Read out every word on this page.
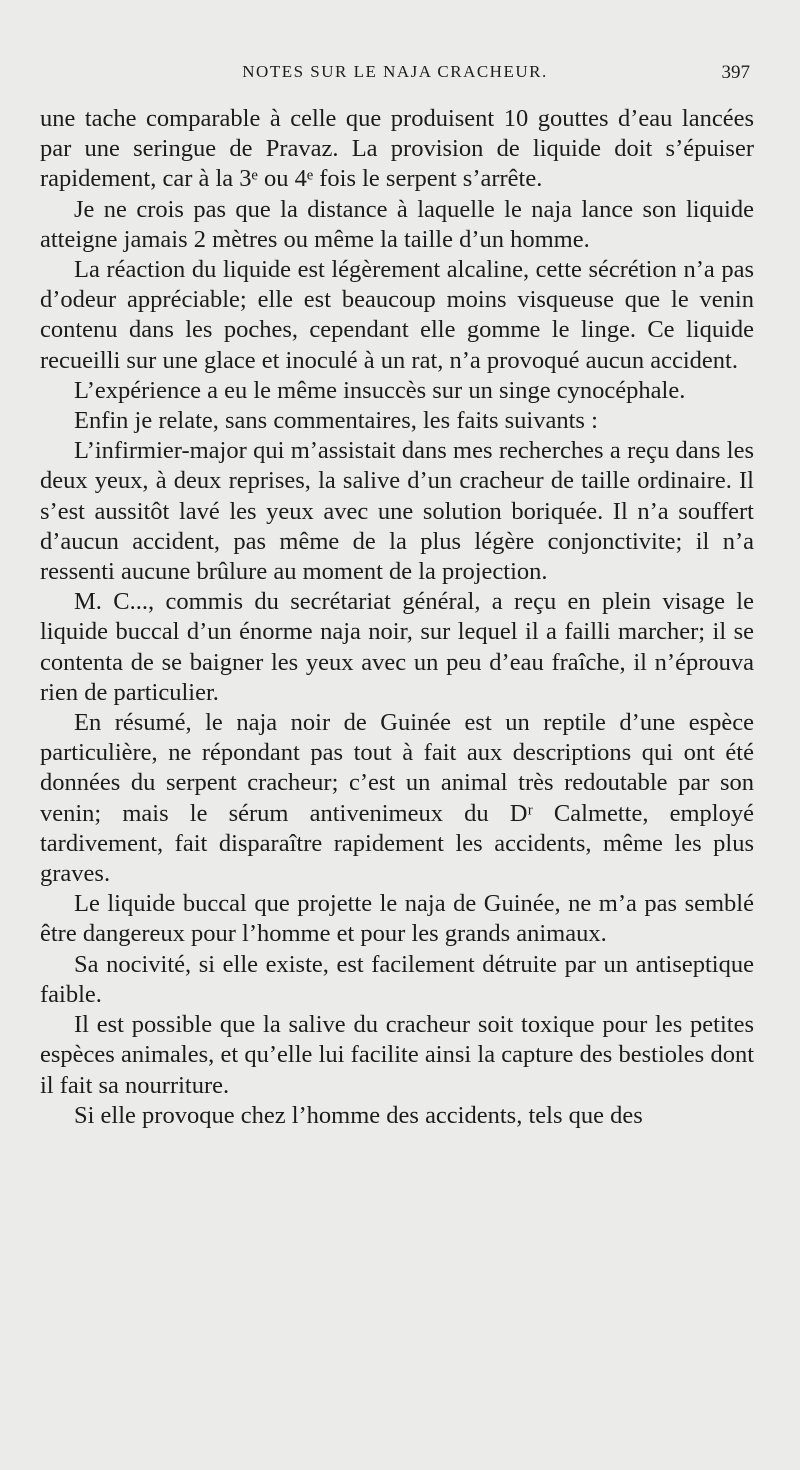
NOTES SUR LE NAJA CRACHEUR.	397

une tache comparable à celle que produisent 10 gouttes d’eau lancées par une seringue de Pravaz. La provision de liquide doit s’épuiser rapidement, car à la 3ᵉ ou 4ᵉ fois le serpent s’arrête.

Je ne crois pas que la distance à laquelle le naja lance son liquide atteigne jamais 2 mètres ou même la taille d’un homme.

La réaction du liquide est légèrement alcaline, cette sécrétion n’a pas d’odeur appréciable; elle est beaucoup moins visqueuse que le venin contenu dans les poches, cependant elle gomme le linge. Ce liquide recueilli sur une glace et inoculé à un rat, n’a provoqué aucun accident.

L’expérience a eu le même insuccès sur un singe cynocéphale.

Enfin je relate, sans commentaires, les faits suivants :

L’infirmier-major qui m’assistait dans mes recherches a reçu dans les deux yeux, à deux reprises, la salive d’un cracheur de taille ordinaire. Il s’est aussitôt lavé les yeux avec une solution boriquée. Il n’a souffert d’aucun accident, pas même de la plus légère conjonctivite; il n’a ressenti aucune brûlure au moment de la projection.

M. C..., commis du secrétariat général, a reçu en plein visage le liquide buccal d’un énorme naja noir, sur lequel il a failli marcher; il se contenta de se baigner les yeux avec un peu d’eau fraîche, il n’éprouva rien de particulier.

En résumé, le naja noir de Guinée est un reptile d’une espèce particulière, ne répondant pas tout à fait aux descriptions qui ont été données du serpent cracheur; c’est un animal très redoutable par son venin; mais le sérum antivenimeux du Dʳ Calmette, employé tardivement, fait disparaître rapidement les accidents, même les plus graves.

Le liquide buccal que projette le naja de Guinée, ne m’a pas semblé être dangereux pour l’homme et pour les grands animaux.

Sa nocivité, si elle existe, est facilement détruite par un antiseptique faible.

Il est possible que la salive du cracheur soit toxique pour les petites espèces animales, et qu’elle lui facilite ainsi la capture des bestioles dont il fait sa nourriture.

Si elle provoque chez l’homme des accidents, tels que des
